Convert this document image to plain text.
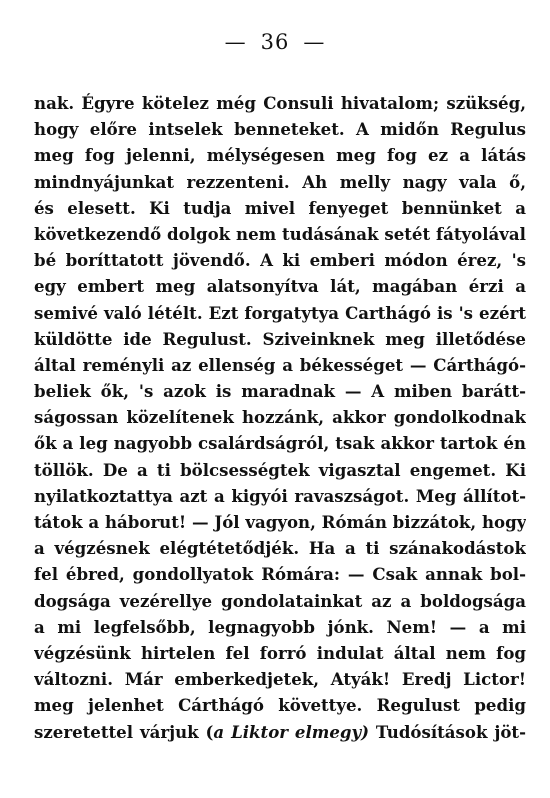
— 36 —
nak. Égyre kötelez még Consuli hivatalom; szükség,
hogy előre intselek benneteket. A midőn Regulus
meg fog jelenni, mélységesen meg fog ez a látás
mindnyájunkat rezzenteni. Ah melly nagy vala ő,
és elesett. Ki tudja mivel fenyeget bennünket a
következendő dolgok nem tudásának setét fátyolával
bé boríttatott jövendő. A ki emberi módon érez, 's
egy embert meg alatsonyítva lát, magában érzi a
semivé való létélt. Ezt forgatytya Carthágó is 's ezért
küldötte ide Regulust. Sziveinknek meg illetődése
által reményli az ellenség a békességet — Cárthágó-
beliek ők, 's azok is maradnak — A miben barátt-
ságossan közelítenek hozzánk, akkor gondolkodnak
ők a leg nagyobb csalárdságról, tsak akkor tartok én
töllök. De a ti bölcsességtek vigasztal engemet. Ki
nyilatkoztattya azt a kigyói ravaszságot. Meg állítot-
tátok a háborut! — Jól vagyon, Rómán bizzátok, hogy
a végzésnek elégtétetődjék. Ha a ti szánakodástok
fel ébred, gondollyatok Rómára: — Csak annak bol-
dogsága vezérellye gondolatainkat az a boldogsága
a mi legfelsőbb, legnagyobb jónk. Nem! — a mi
végzésünk hirtelen fel forró indulat által nem fog
változni. Már emberkedjetek, Atyák! Eredj Lictor!
meg jelenhet Cárthágó követtye. Regulust pedig
szeretettel várjuk (a Liktor elmegy) Tudósítások jöt-
